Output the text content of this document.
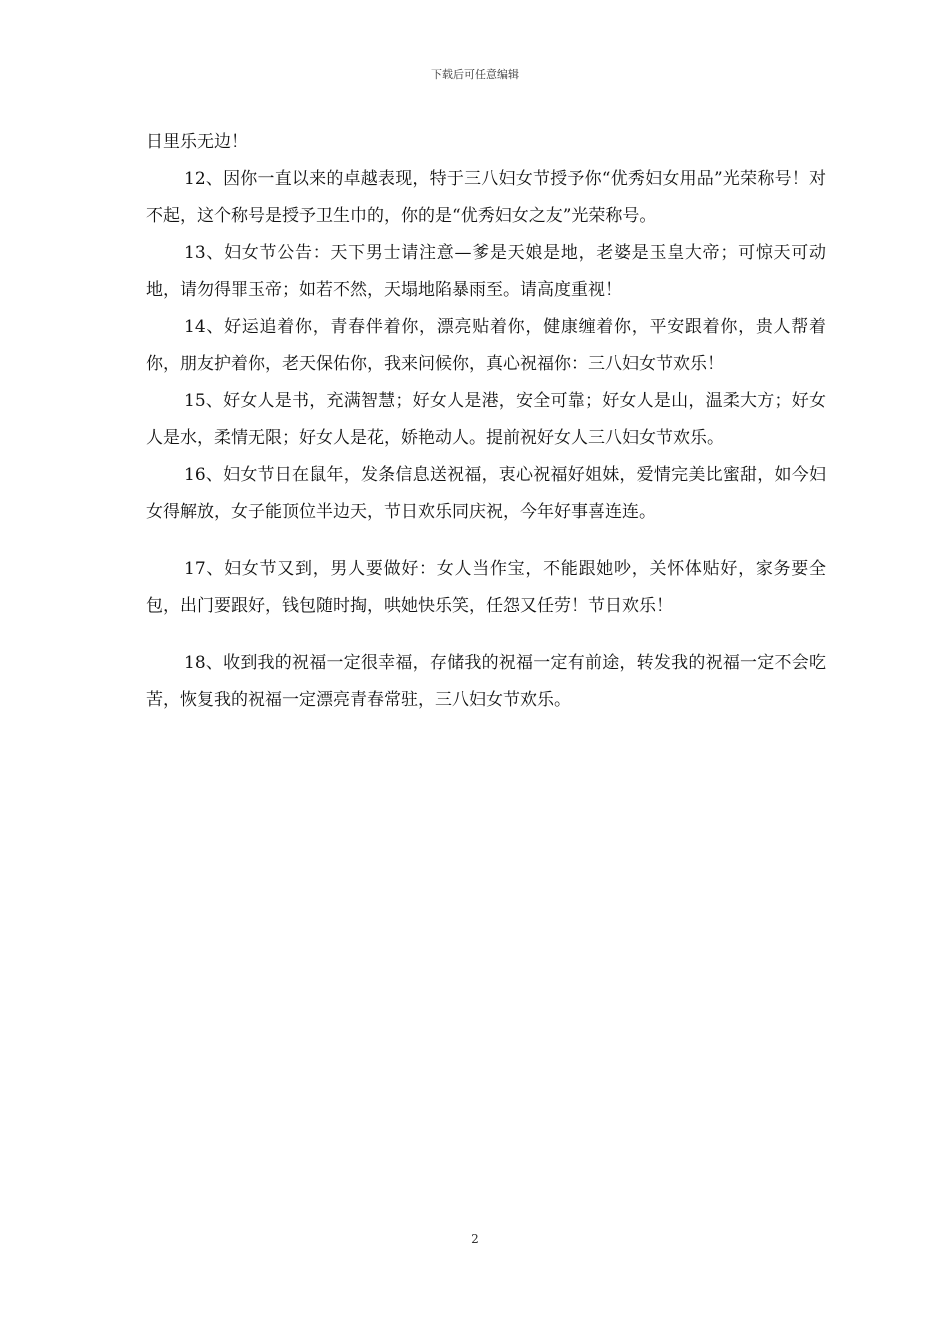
下载后可任意编辑

日里乐无边！

12、因你一直以来的卓越表现，特于三八妇女节授予你“优秀妇女用品”光荣称号！对不起，这个称号是授予卫生巾的，你的是“优秀妇女之友”光荣称号。

13、妇女节公告：天下男士请注意—爹是天娘是地，老婆是玉皇大帝；可惊天可动地，请勿得罪玉帝；如若不然，天塌地陷暴雨至。请高度重视！

14、好运追着你，青春伴着你，漂亮贴着你，健康缠着你，平安跟着你，贵人帮着你，朋友护着你，老天保佑你，我来问候你，真心祝福你：三八妇女节欢乐！

15、好女人是书，充满智慧；好女人是港，安全可靠；好女人是山，温柔大方；好女人是水，柔情无限；好女人是花，娇艳动人。提前祝好女人三八妇女节欢乐。

16、妇女节日在鼠年，发条信息送祝福，衷心祝福好姐妹，爱情完美比蜜甜，如今妇女得解放，女子能顶位半边天，节日欢乐同庆祝，今年好事喜连连。

17、妇女节又到，男人要做好：女人当作宝，不能跟她吵，关怀体贴好，家务要全包，出门要跟好，钱包随时掏，哄她快乐笑，任怨又任劳！节日欢乐！

18、收到我的祝福一定很幸福，存储我的祝福一定有前途，转发我的祝福一定不会吃苦，恢复我的祝福一定漂亮青春常驻，三八妇女节欢乐。

2
